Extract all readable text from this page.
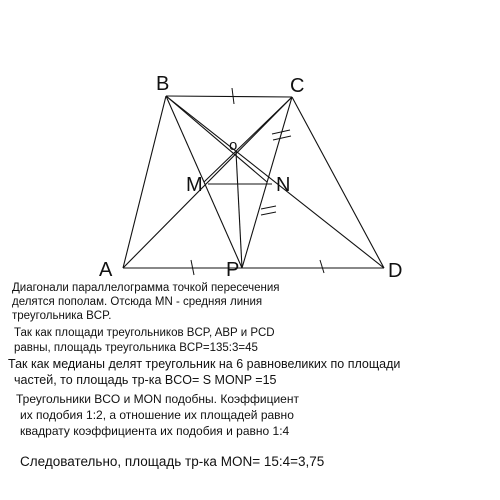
B	C
A	P	D
M	N
o
Диагонали параллелограмма точкой пересечения
делятся пополам. Отсюда MN - средняя линия
треугольника BCP.
Так как площади треугольников BCP, ABP и PCD
равны, площадь треугольника BCP=135:3=45
Так как медианы делят треугольник на 6 равновеликих по площади
частей, то площадь тр-ка BCO= S MONP =15
Треугольники BCO и MON подобны. Коэффициент
их подобия 1:2, а отношение их площадей равно
квадрату коэффициента их подобия и равно 1:4
Следовательно, площадь тр-ка MON= 15:4=3,75
